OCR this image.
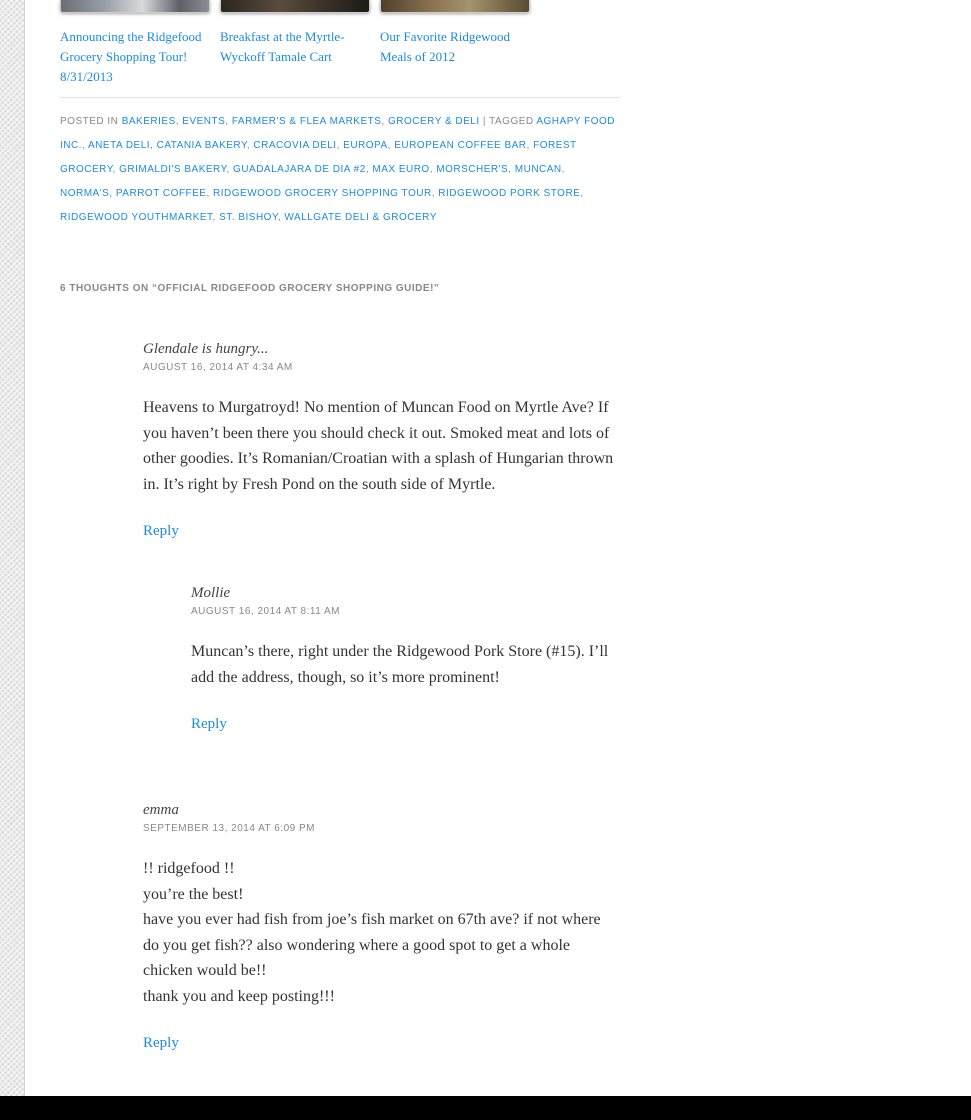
Announcing the Ridgefood Grocery Shopping Tour! 8/31/2013
Breakfast at the Myrtle-Wyckoff Tamale Cart
Our Favorite Ridgewood Meals of 2012
POSTED IN BAKERIES, EVENTS, FARMER'S & FLEA MARKETS, GROCERY & DELI | TAGGED AGHAPY FOOD INC., ANETA DELI, CATANIA BAKERY, CRACOVIA DELI, EUROPA, EUROPEAN COFFEE BAR, FOREST GROCERY, GRIMALDI'S BAKERY, GUADALAJARA DE DIA #2, MAX EURO, MORSCHER'S, MUNCAN, NORMA'S, PARROT COFFEE, RIDGEWOOD GROCERY SHOPPING TOUR, RIDGEWOOD PORK STORE, RIDGEWOOD YOUTHMARKET, ST. BISHOY, WALLGATE DELI & GROCERY
6 THOUGHTS ON “OFFICIAL RIDGEFOOD GROCERY SHOPPING GUIDE!”
Glendale is hungry...
AUGUST 16, 2014 AT 4:34 AM

Heavens to Murgatroyd! No mention of Muncan Food on Myrtle Ave? If you haven’t been there you should check it out. Smoked meat and lots of other goodies. It’s Romanian/Croatian with a splash of Hungarian thrown in. It’s right by Fresh Pond on the south side of Myrtle.

Reply
Mollie
AUGUST 16, 2014 AT 8:11 AM

Muncan’s there, right under the Ridgewood Pork Store (#15). I’ll add the address, though, so it’s more prominent!

Reply
emma
SEPTEMBER 13, 2014 AT 6:09 PM

!! ridgefood !!

you’re the best!

have you ever had fish from joe’s fish market on 67th ave? if not where do you get fish?? also wondering where a good spot to get a whole chicken would be!!

thank you and keep posting!!!

Reply
